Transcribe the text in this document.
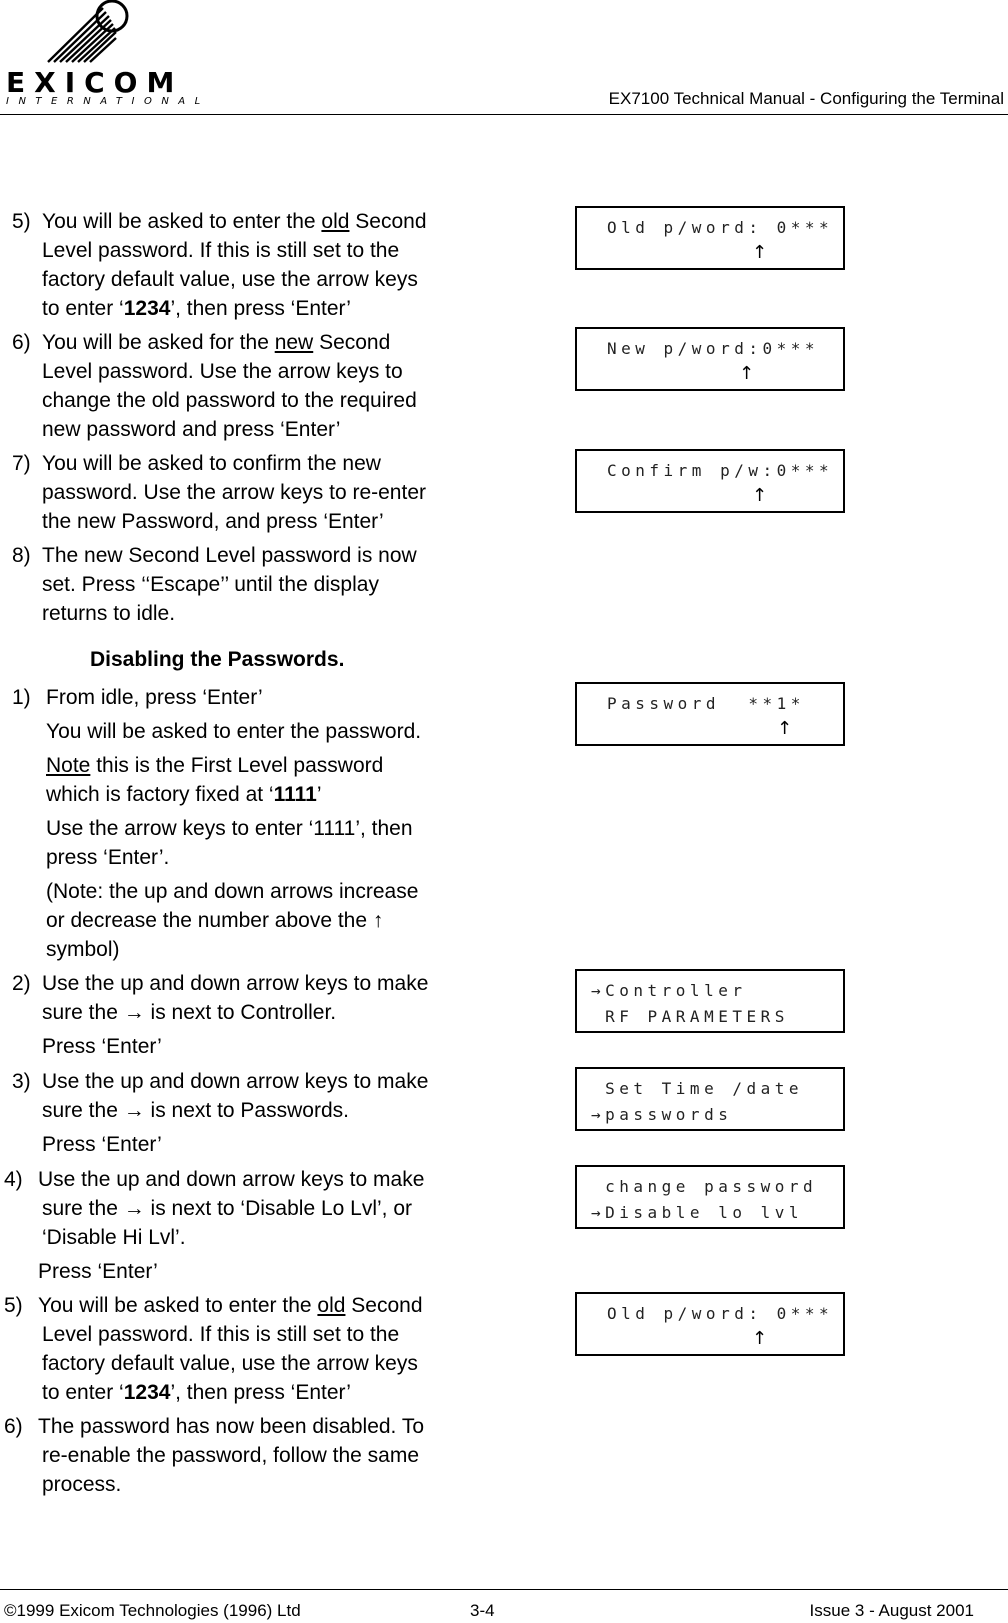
EXICOM
INTERNATIONAL	EX7100 Technical Manual - Configuring the Terminal
5) You will be asked to enter the old Second
Level password. If this is still set to the
factory default value, use the arrow keys
to enter ‘1234’, then press ‘Enter’
6) You will be asked for the new Second
Level password. Use the arrow keys to
change the old password to the required
new password and press ‘Enter’
7) You will be asked to confirm the new
password. Use the arrow keys to re-enter
the new Password, and press ‘Enter’
8) The new Second Level password is now
set. Press ‘‘Escape’’ until the display
returns to idle.
Disabling the Passwords.
1) From idle, press ‘Enter’
You will be asked to enter the password.
Note this is the First Level password
which is factory fixed at ‘1111’
Use the arrow keys to enter ‘1111’, then
press ‘Enter’.
(Note: the up and down arrows increase
or decrease the number above the ↑
symbol)
2) Use the up and down arrow keys to make
sure the → is next to Controller.
Press ‘Enter’
3) Use the up and down arrow keys to make
sure the → is next to Passwords.
Press ‘Enter’
4) Use the up and down arrow keys to make
sure the → is next to ‘Disable Lo Lvl’, or
‘Disable Hi Lvl’.
Press ‘Enter’
5) You will be asked to enter the old Second
Level password. If this is still set to the
factory default value, use the arrow keys
to enter ‘1234’, then press ‘Enter’
6) The password has now been disabled. To
re-enable the password, follow the same
process.
Old p/word: 0***
↑
New p/word:0***
↑
Confirm p/w:0***
↑
Password  **1*
↑
→Controller
RF PARAMETERS
Set Time /date
→passwords
change password
→Disable lo lvl
Old p/word: 0***
↑
©1999 Exicom Technologies (1996) Ltd	3-4	Issue 3 - August 2001
